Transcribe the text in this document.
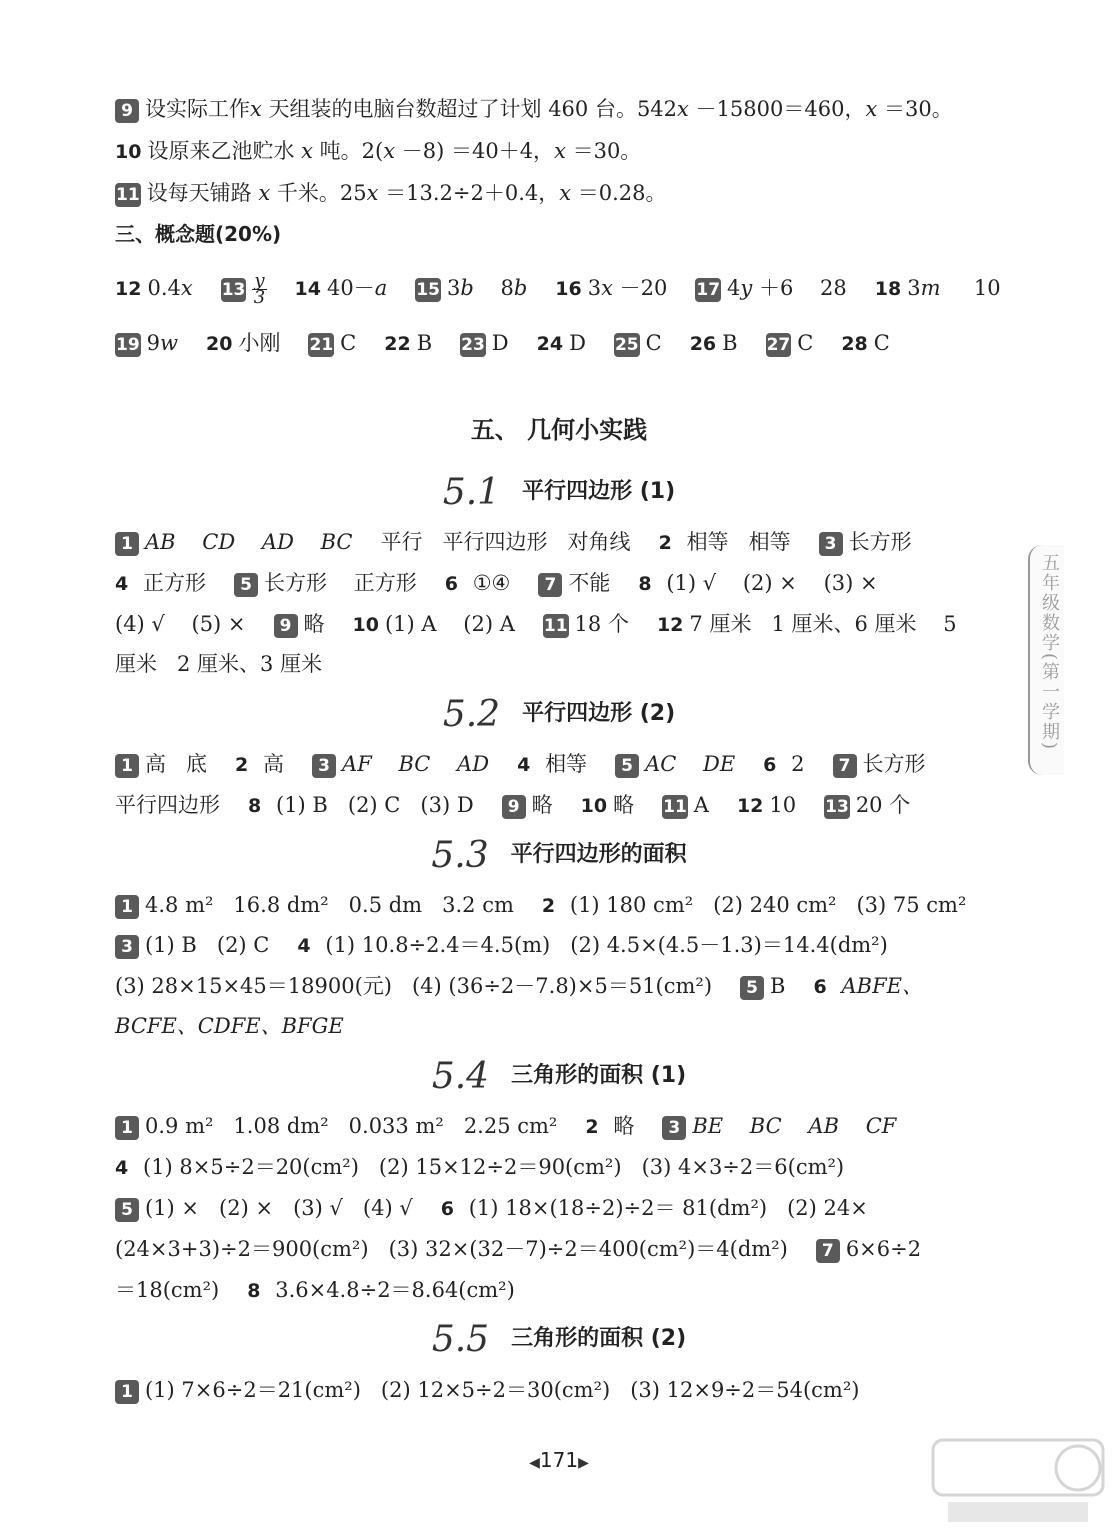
9 设实际工作x 天组装的电脑台数超过了计划 460 台。542x －15800＝460，x ＝30。
10 设原来乙池贮水 x 吨。2(x －8) ＝40＋4，x ＝30。
11 设每天铺路 x 千米。25x ＝13.2÷2＋0.4，x ＝0.28。
三、概念题(20%)
12 0.4x $13 \frac{y}{3} 14$ 40－a 15 3b    8b 16 3x －20 17 4y ＋6    28 18 3m     10
19 9w 20 小刚 21 C 22 B 23 D 24 D 25 C 26 B 27 C 28 C
1 AB    CD    AD    BC 平行   平行四边形   对角线 2 相等   相等 3 长方形
4 正方形 5 长方形    正方形 6 ①④ 7 不能 8 (1) √    (2) ×    (3) ×
(4) √    (5) × 9 略 10 (1) A    (2) A 11 18 个 12 7 厘米   1 厘米、6 厘米    5
厘米   2 厘米、3 厘米
1 高   底 2 高 3 AF    BC    AD 4 相等 5 AC    DE 6 2 7 长方形
平行四边形 8 (1) B   (2) C   (3) D 9 略 10 略 11 A 12 10 13 20 个
1 4.8 m²   16.8 dm²   0.5 dm   3.2 cm 2 (1) 180 cm²   (2) 240 cm²   (3) 75 cm²
3 (1) B   (2) C 4 (1) 10.8÷2.4＝4.5(m)   (2) 4.5×(4.5－1.3)＝14.4(dm²)
(3) 28×15×45＝18900(元)   (4) (36÷2－7.8)×5＝51(cm²) 5 B 6 ABFE、
BCFE、CDFE、BFGE
1 0.9 m²   1.08 dm²   0.033 m²   2.25 cm² 2 略 3 BE    BC    AB    CF
4 (1) 8×5÷2＝20(cm²)   (2) 15×12÷2＝90(cm²)   (3) 4×3÷2＝6(cm²)
5 (1) ×   (2) ×   (3) √   (4) √ 6 (1) 18×(18÷2)÷2＝ 81(dm²)   (2) 24×
(24×3+3)÷2＝900(cm²)   (3) 32×(32－7)÷2＝400(cm²)＝4(dm²) 7 6×6÷2
＝18(cm²) 8 3.6×4.8÷2＝8.64(cm²)
1 (1) 7×6÷2＝21(cm²)   (2) 12×5÷2＝30(cm²)   (3) 12×9÷2＝54(cm²)
五、 几何小实践
5.1 平行四边形 (1)
5.2 平行四边形 (2)
5.3 平行四边形的面积
5.4 三角形的面积 (1)
5.5 三角形的面积 (2)
五年级数学(第一学期)
◀171▶
